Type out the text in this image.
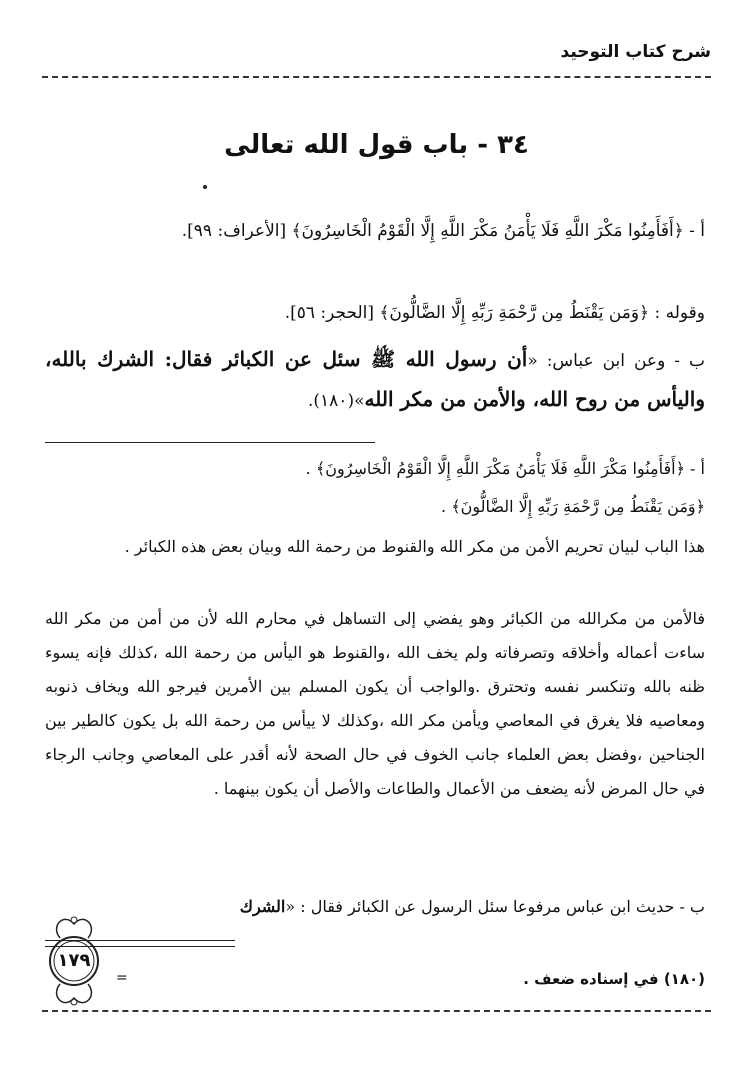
شرح كتاب التوحيد
٣٤ - باب قول الله تعالى
أ - ﴿أَفَأَمِنُوا مَكْرَ اللَّهِ فَلَا يَأْمَنُ مَكْرَ اللَّهِ إِلَّا الْقَوْمُ الْخَاسِرُونَ﴾ [الأعراف: ٩٩].
وقوله : ﴿وَمَن يَقْنَطُ مِن رَّحْمَةِ رَبِّهِ إِلَّا الضَّالُّونَ﴾ [الحجر: ٥٦].
ب - وعن ابن عباس: «أن رسول الله ﷺ سئل عن الكبائر فقال: الشرك بالله، واليأس من روح الله، والأمن من مكر الله»(١٨٠).
أ - ﴿أَفَأَمِنُوا مَكْرَ اللَّهِ فَلَا يَأْمَنُ مَكْرَ اللَّهِ إِلَّا الْقَوْمُ الْخَاسِرُونَ﴾ .
﴿وَمَن يَقْنَطُ مِن رَّحْمَةِ رَبِّهِ إِلَّا الضَّالُّونَ﴾ .
هذا الباب لبيان تحريم الأمن من مكر الله والقنوط من رحمة الله وبيان بعض هذه الكبائر .
فالأمن من مكرالله من الكبائر وهو يفضي إلى التساهل في محارم الله لأن من أمن من مكر الله ساءت أعماله وأخلاقه وتصرفاته ولم يخف الله ،والقنوط هو اليأس من رحمة الله ،كذلك فإنه يسوء ظنه بالله وتنكسر نفسه وتحترق .والواجب أن يكون المسلم بين الأمرين فيرجو الله ويخاف ذنوبه ومعاصيه فلا يغرق في المعاصي ويأمن مكر الله ،وكذلك لا ييأس من رحمة الله بل يكون كالطير بين الجناحين ،وفضل بعض العلماء جانب الخوف في حال الصحة لأنه أقدر على المعاصي وجانب الرجاء في حال المرض لأنه يضعف من الأعمال والطاعات والأصل أن يكون بينهما .
ب - حديث ابن عباس مرفوعا سئل الرسول عن الكبائر فقال : «الشرك
=	(١٨٠) في إسناده ضعف .
١٧٩
